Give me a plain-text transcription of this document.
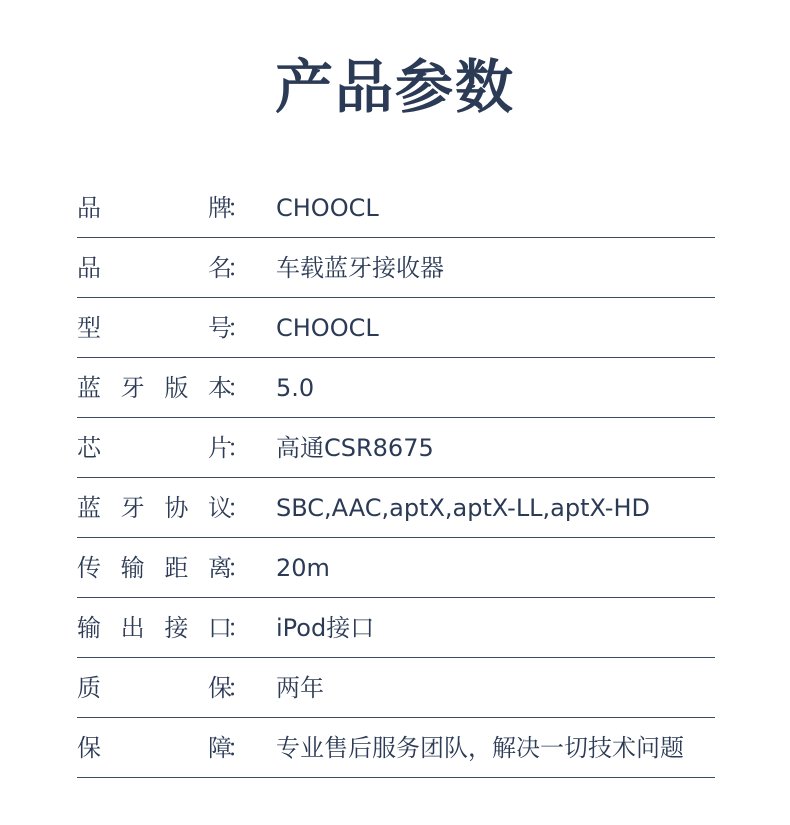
产品参数
品	牌
： CHOOCL
品	名
： 车载蓝牙接收器
型	号
： CHOOCL
蓝 牙 版 本
： 5.0
芯	片
： 高通CSR8675
蓝 牙 协 议
： SBC,AAC,aptX,aptX-LL,aptX-HD
传 输 距 离
： 20m
输 出 接 口
： iPod接口
质	保
： 两年
保	障
： 专业售后服务团队，解决一切技术问题
